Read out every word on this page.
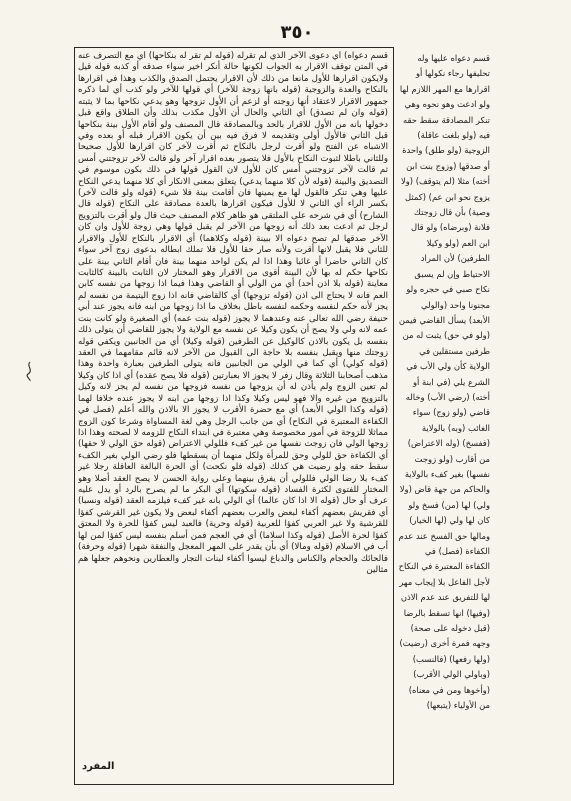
٣٥٠

قسم دعواه) أي دعوى الآخر الذي لم تقرله (قوله لم تقر له بنكاحها) أي مع التصرف عنه في المتن توقف الاقرار به الجواب لكونها حالة أنكر اخير سواء صدقه أو كذبه قوله قيل ولايكون اقرارها للأول مانعا من ذلك لأن الاقرار يحتمل الصدق والكذب وهذا في اقرارها بالنكاح والعدة والزوجية (قوله بانها زوجة للآخر) أي قولها للآخر ولو كذب أي لما ذكره جمهور الاقرار لاعتقاد أنها زوجته أو لزعم أن الأول تزوجها وهو يدعي نكاحها بما لا يثبته (قوله وان لم تصدق) أي الثاني والحال أن الأول مكذب بذلك وأن الطلاق واقع قبل دخولها بانه من الأول للاقرار بالحد وبالمصادقة قال المصنف ولو أقام الأول بينة بنكاحها قبل الثاني فالأول أولى وتقديمه لا فرق فيه بين أن يكون الاقرار قبله أو بعده وفي الاشباه عن الفتح ولو أقرت لرجل بالنكاح ثم أقرت لآخر كان اقرارها للأول صحيحا وللثاني باطلا لثبوت النكاح بالأول فلا يتصور بعده اقرار آخر ولو قالت لآخر تزوجتني أمس ثم قالت لآخر تزوجتني أمس كان للأول لان القول قولها في ذلك بكون موسوم في التصديق والبينة (قوله لأن كلا منهما يدعي) يتعلق بمعنى الانكار أي كلا منهما يدعي النكاح عليها وهي تنكر فالقول لها مع يمينها فان أقامت بينة فلا شيء (قوله ولو قالت لآخر) بكسر الراء أي الثاني لا للأول فيكون اقرارها بالعدة مصادقة على النكاح (قوله قال الشارح) أي في شرحه على الملتقى هو ظاهر كلام المصنف حيث قال ولو أقرت بالتزويج لرجل ثم ادعت بعد ذلك أنه زوجها من الآخر لم يقبل قولها وهي زوجة للأول وان كان الآخر صدقها لم تصح دعواه الا ببينة (قوله وكلاهما) أي الاقرار بالنكاح للأول والاقرار للثاني فلا يقبل لانها أقرت ولأنه صار حقا للأول فلا تملك ابطاله بدعوى زوج آخر سواء كان الثاني حاضرا أو غائبا وهذا اذا لم يكن لواحد منهما بينة فان أقام الثاني بينة على نكاحها حكم له بها لأن البينة أقوى من الاقرار وهو المختار لان الثابت بالبينة كالثابت معاينة (قوله بلا اذن أحد) أي من الولي أو القاضي وهذا فيما اذا زوجها من نفسه كابن العم فانه لا يحتاج الى اذن (قوله تزوجها) أي كالقاضي فانه اذا زوج اليتيمة من نفسه لم يجز لأنه حكم لنفسه وحكمه لنفسه باطل بخلاف ما اذا زوجها من ابنه فانه يجوز عند أبي حنيفة رضي الله تعالى عنه وعندهما لا يجوز (قوله بنت عمه) أي الصغيرة ولو كانت بنت عمه لانه ولي ولا يصح أن يكون وكيلا عن نفسه مع الولاية ولا يجوز للقاضي أن يتولى ذلك بنفسه بل يكون بالاذن كالوكيل عن الطرفين (قوله وكيلا) أي من الجانبين ويكفي قوله زوجتك منها ويقبل بنفسه بلا حاجة الى القبول من الآخر لانه قائم مقامهما في العقد (قوله كولي) أي كما في الولي من الجانبين فانه يتولى الطرفين بعبارة واحدة وهذا مذهب أصحابنا الثلاثة وقال زفر لا يجوز الا بعبارتين (قوله فلا يصح عقده) أي اذا كان وكيلا لم تعين الزوج ولم يأذن له أن يزوجها من نفسه فزوجها من نفسه لم يجز لانه وكيل بالتزويج من غيره والا فهو ليس وكيلا وكذا اذا زوجها من ابنه لا يجوز عنده خلافا لهما (قوله وكذا الولي الأبعد) أي مع حضرة الأقرب لا يجوز الا بالاذن والله أعلم (فصل في الكفاءة المعتبرة في النكاح) أي من جانب الرجل وهي لغة المساواة وشرعا كون الزوج مماثلا للزوجة في أمور مخصوصة وهي معتبرة في ابتداء النكاح للزومه لا لصحته وهذا اذا زوجها الولي فان زوجت نفسها من غير كفء فللولي الاعتراض (قوله حق الولي لا حقها) أي الكفاءة حق للولي وحق للمرأة ولكل منهما أن يسقطها فلو رضي الولي بغير الكفء سقط حقه ولو رضيت هي كذلك (قوله فلو نكحت) أي الحرة البالغة العاقلة رجلا غير كفء بلا رضا الولي فللولي أن يفرق بينهما وعلى رواية الحسن لا يصح العقد أصلا وهو المختار للفتوى لكثرة الفساد (قوله سكوتها) أي البكر ما لم يصرح بالرد أو يدل عليه عرف أو حال (قوله الا اذا كان عالما) أي الولي بانه غير كفء فيلزمه العقد (قوله ونسبا) أي فقريش بعضهم أكفاء لبعض والعرب بعضهم أكفاء لبعض ولا يكون غير القرشي كفؤا للقرشية ولا غير العربي كفؤا للعربية (قوله وحرية) فالعبد ليس كفؤا للحرة ولا المعتق كفؤا لحرة الأصل (قوله وكذا اسلاما) أي في العجم فمن أسلم بنفسه ليس كفؤا لمن لها أب في الاسلام (قوله ومالا) أي بأن يقدر على المهر المعجل والنفقة شهرا (قوله وحرفة) فالحائك والحجام والكناس والدباغ ليسوا أكفاء لبنات التجار والعطارين ونحوهم جعلها هم مثالين

المفرد

قسم دعواه عليها وله تحليفها رجاء نكولها أو اقرارها مع المهر اللازم لها ولو ادعت وهو نحوه وهي تنكر المصادقة سقط حقه فيه (ولو بلغت عاقلة) الزوجية (ولو طلق) واحدة أو صدقها (وزوج بنت ابن أخته) مثلا (لم يتوقف) (ولا يزوج نحو ابن عم) (كمثل وصية) بأن قال زوجتك فلانة (وبرضاه) ولو قال ابن العم (ولو وكيلا الطرفين) لأن المراد الاحتياط وإن لم يسبق نكاح صبي في حجره ولو مجنونا واحد (والولي الأبعد) يسأل القاضي فيمن (ولو في حق) يثبت له من طرفين مستقلين في الولاية كأن ولي الأب في الشرع يلي (في ابنة أو أخته) (رضي الأب) وخاله قاضي (ولو زوج) سواء الغائب (وبه) بالولاية (ففسخ) (وله الاعتراض) من أقارب (ولو زوجت نفسها) بغير كفء بالولاية والحاكم من جهة قاض (ولا ولي) لها (من) فسخ ولو كان لها ولي (لها الخيار) ومالها حق الفسخ عند عدم الكفاءة (فصل) في الكفاءة المعتبرة في النكاح لأجل الفاعل بلا إيجاب مهر لها للتفريق عند عدم الاذن (وفيها) انها تسقط بالرضا (قبل دخوله على صحة) وجهه فمرة أخرى (رضيت) (ولها رفعها) (فالنسب) (وباولي الولي الأقرب) (وأخوها ومن في معناه) من الأولياء (يتبعها)
